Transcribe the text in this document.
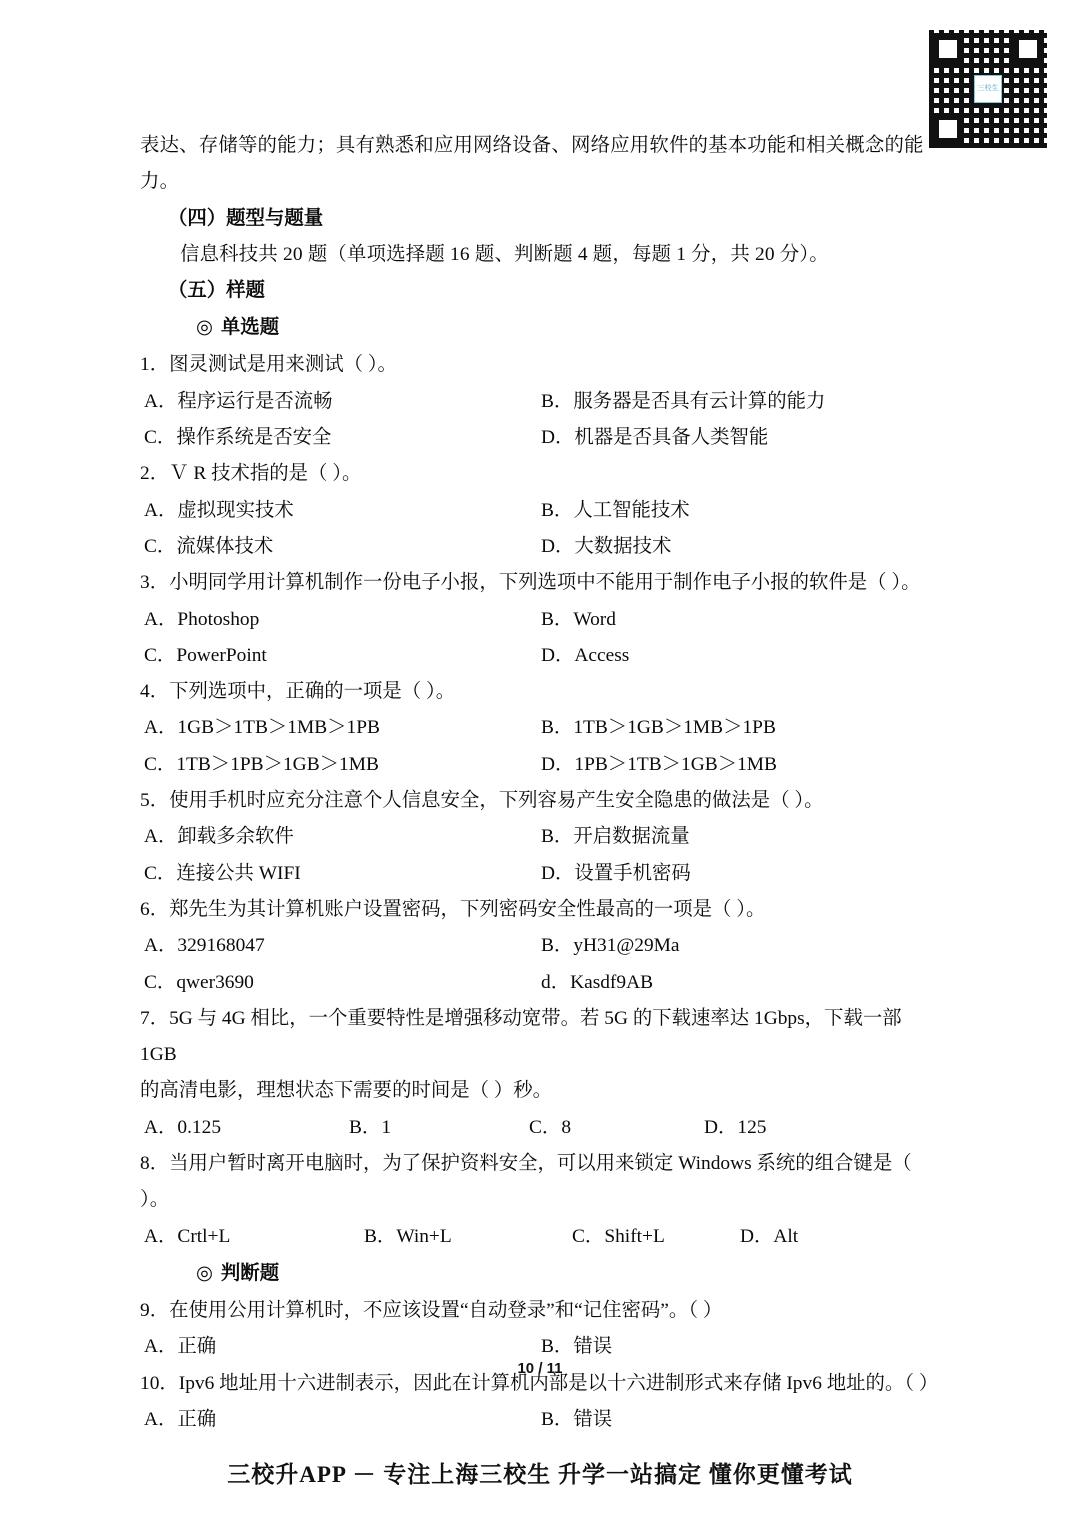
三校生
表达、存储等的能力；具有熟悉和应用网络设备、网络应用软件的基本功能和相关概念的能力。
（四）题型与题量
信息科技共 20 题（单项选择题 16 题、判断题 4 题，每题 1 分，共 20 分）。
（五）样题
◎ 单选题
1．图灵测试是用来测试（ ）。
A．程序运行是否流畅	B．服务器是否具有云计算的能力
C．操作系统是否安全	D．机器是否具备人类智能
2．Ｖ R 技术指的是（ ）。
A．虚拟现实技术	B．人工智能技术
C．流媒体技术	D．大数据技术
3．小明同学用计算机制作一份电子小报，下列选项中不能用于制作电子小报的软件是（ ）。
A．Photoshop	B．Word
C．PowerPoint	D．Access
4．下列选项中，正确的一项是（ ）。
A．1GB＞1TB＞1MB＞1PB	B．1TB＞1GB＞1MB＞1PB
C．1TB＞1PB＞1GB＞1MB	D．1PB＞1TB＞1GB＞1MB
5．使用手机时应充分注意个人信息安全，下列容易产生安全隐患的做法是（ ）。
A．卸载多余软件	B．开启数据流量
C．连接公共 WIFI	D．设置手机密码
6．郑先生为其计算机账户设置密码，下列密码安全性最高的一项是（ ）。
A．329168047	B．yH31@29Ma
C．qwer3690	d．Kasdf9AB
7．5G 与 4G 相比，一个重要特性是增强移动宽带。若 5G 的下载速率达 1Gbps，下载一部 1GB
的高清电影，理想状态下需要的时间是（ ）秒。
A．0.125	B．1	C．8	D．125
8．当用户暂时离开电脑时，为了保护资料安全，可以用来锁定 Windows 系统的组合键是（ ）。
A．Crtl+L	B．Win+L	C．Shift+L	D．Alt
◎ 判断题
9．在使用公用计算机时，不应该设置“自动登录”和“记住密码”。（ ）
A．正确	B．错误
10．Ipv6 地址用十六进制表示，因此在计算机内部是以十六进制形式来存储 Ipv6 地址的。（ ）
A．正确	B．错误
10 / 11
三校升APP － 专注上海三校生 升学一站搞定 懂你更懂考试
